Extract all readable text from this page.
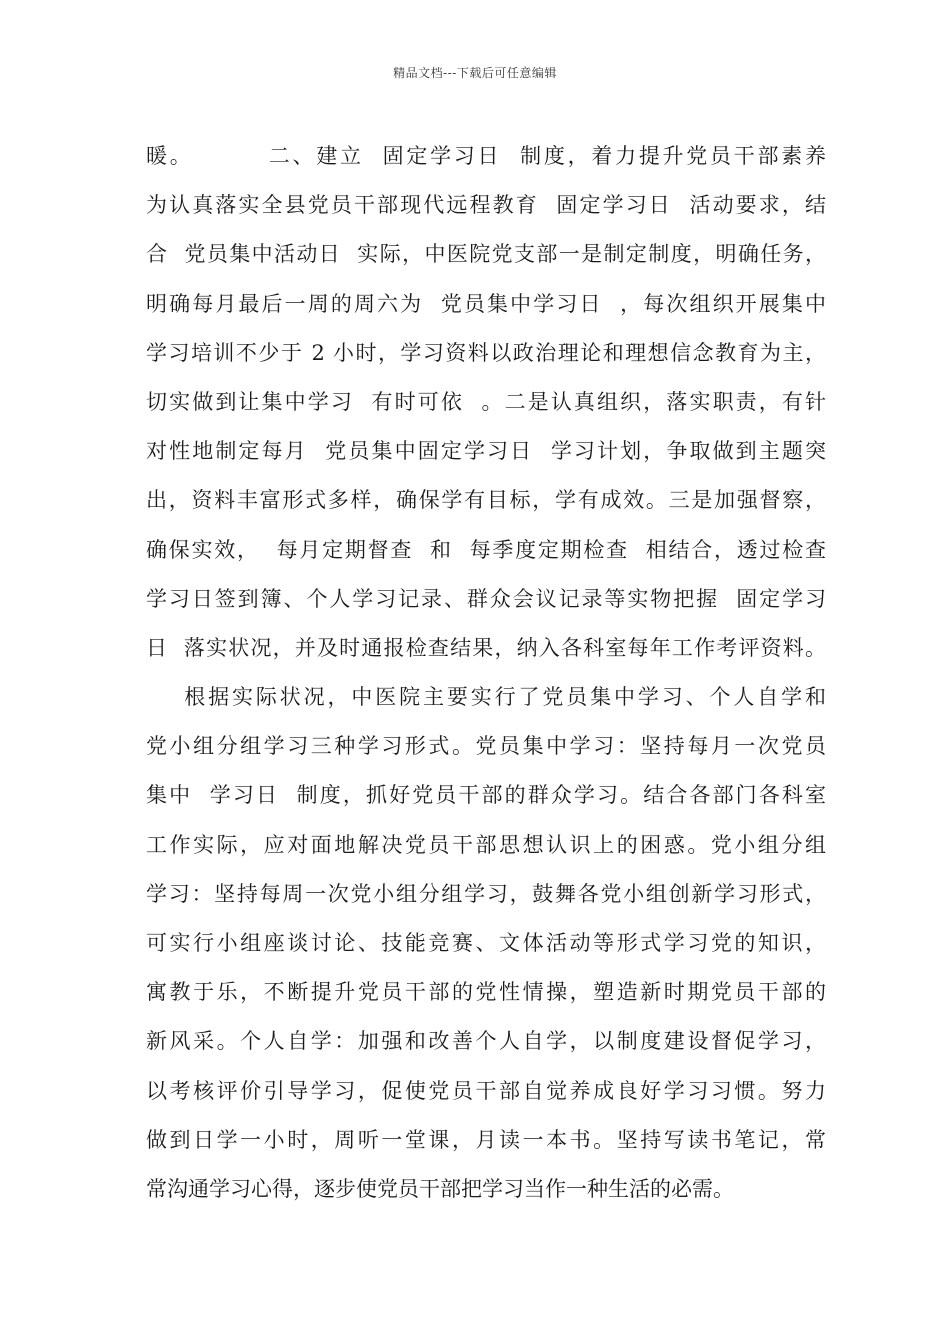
精品文档---下载后可任意编辑
暖。        二、建立  固定学习日  制度，着力提升党员干部素养
为认真落实全县党员干部现代远程教育  固定学习日  活动要求，结
合  党员集中活动日  实际，中医院党支部一是制定制度，明确任务，
明确每月最后一周的周六为  党员集中学习日  ，每次组织开展集中
学习培训不少于 2 小时，学习资料以政治理论和理想信念教育为主，
切实做到让集中学习  有时可依  。二是认真组织，落实职责，有针
对性地制定每月  党员集中固定学习日  学习计划，争取做到主题突
出，资料丰富形式多样，确保学有目标，学有成效。三是加强督察，
确保实效，  每月定期督查  和  每季度定期检查  相结合，透过检查
学习日签到簿、个人学习记录、群众会议记录等实物把握  固定学习
日  落实状况，并及时通报检查结果，纳入各科室每年工作考评资料。
根据实际状况，中医院主要实行了党员集中学习、个人自学和
党小组分组学习三种学习形式。党员集中学习：坚持每月一次党员
集中  学习日  制度，抓好党员干部的群众学习。结合各部门各科室
工作实际，应对面地解决党员干部思想认识上的困惑。党小组分组
学习：坚持每周一次党小组分组学习，鼓舞各党小组创新学习形式，
可实行小组座谈讨论、技能竞赛、文体活动等形式学习党的知识，
寓教于乐，不断提升党员干部的党性情操，塑造新时期党员干部的
新风采。个人自学：加强和改善个人自学，以制度建设督促学习，
以考核评价引导学习，促使党员干部自觉养成良好学习习惯。努力
做到日学一小时，周听一堂课，月读一本书。坚持写读书笔记，常
常沟通学习心得，逐步使党员干部把学习当作一种生活的必需。
